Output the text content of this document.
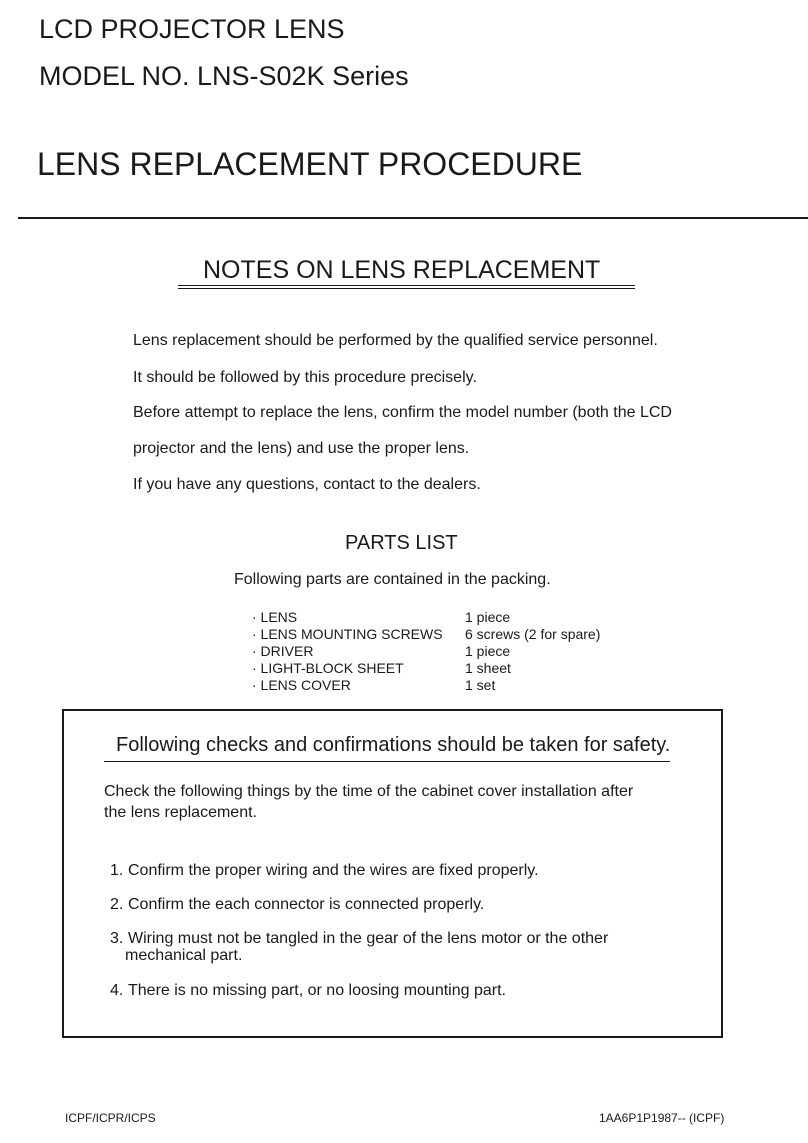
LCD PROJECTOR LENS
MODEL NO. LNS-S02K Series
LENS REPLACEMENT PROCEDURE
NOTES ON LENS REPLACEMENT
Lens replacement should be performed by the qualified service personnel.
It should be followed by this procedure precisely.
Before attempt to replace the lens, confirm the model number (both the LCD
projector and the lens) and use the proper lens.
If you have any questions, contact to the dealers.
PARTS LIST
Following parts are contained in the packing.
· LENS	1 piece
· LENS MOUNTING SCREWS 6 screws (2 for spare)
· DRIVER	1 piece
· LIGHT-BLOCK SHEET	1 sheet
· LENS COVER	1 set
Following checks and confirmations should be taken for safety.
Check the following things by the time of the cabinet cover installation after
the lens replacement.
1. Confirm the proper wiring and the wires are fixed properly.
2. Confirm the each connector is connected properly.
3. Wiring must not be tangled in the gear of the lens motor or the other
mechanical part.
4. There is no missing part, or no loosing mounting part.
ICPF/ICPR/ICPS	1AA6P1P1987-- (ICPF)
